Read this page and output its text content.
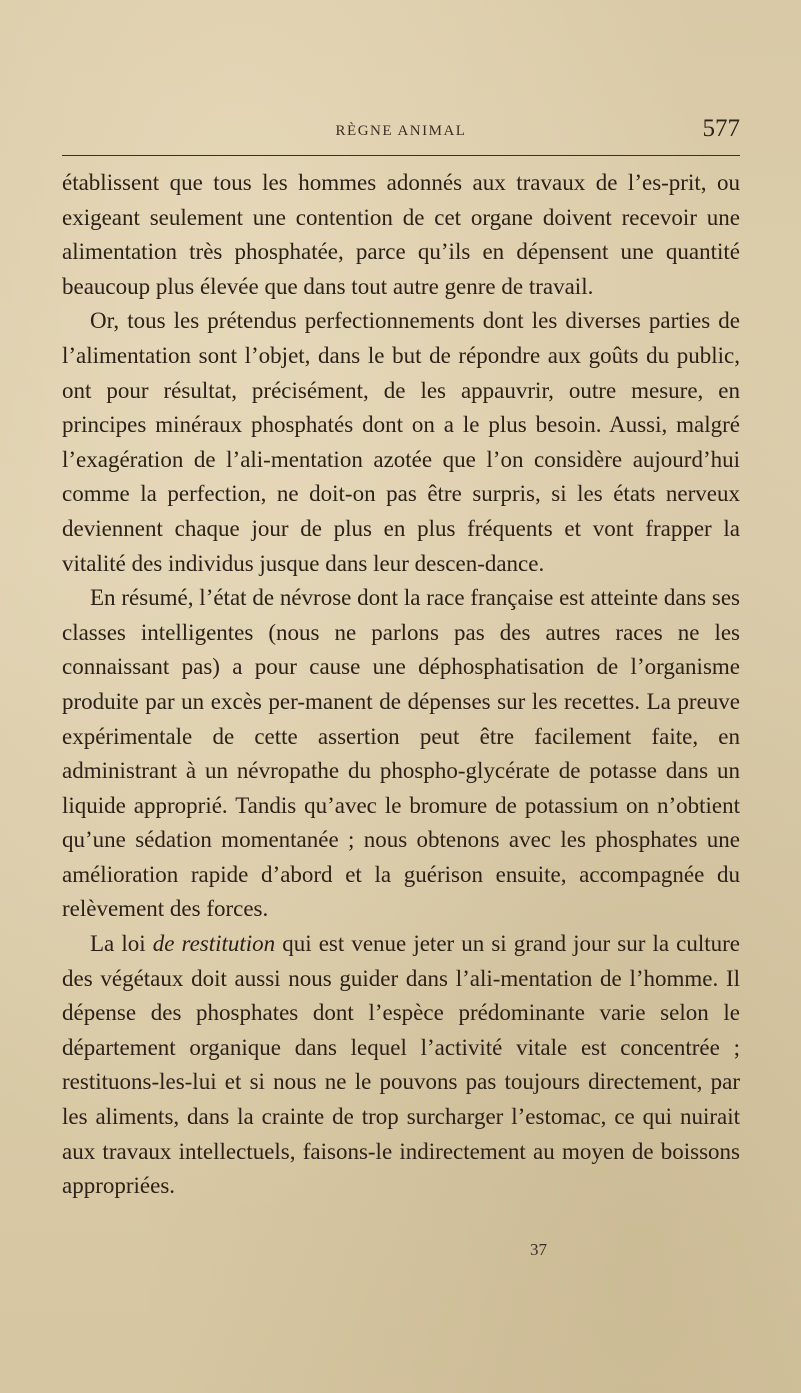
RÈGNE ANIMAL	577

établissent que tous les hommes adonnés aux travaux de l’es-prit, ou exigeant seulement une contention de cet organe doivent recevoir une alimentation très phosphatée, parce qu’ils en dépensent une quantité beaucoup plus élevée que dans tout autre genre de travail.

Or, tous les prétendus perfectionnements dont les diverses parties de l’alimentation sont l’objet, dans le but de répondre aux goûts du public, ont pour résultat, précisément, de les appauvrir, outre mesure, en principes minéraux phosphatés dont on a le plus besoin. Aussi, malgré l’exagération de l’ali-mentation azotée que l’on considère aujourd’hui comme la perfection, ne doit-on pas être surpris, si les états nerveux deviennent chaque jour de plus en plus fréquents et vont frapper la vitalité des individus jusque dans leur descen-dance.

En résumé, l’état de névrose dont la race française est atteinte dans ses classes intelligentes (nous ne parlons pas des autres races ne les connaissant pas) a pour cause une déphosphatisation de l’organisme produite par un excès per-manent de dépenses sur les recettes. La preuve expérimentale de cette assertion peut être facilement faite, en administrant à un névropathe du phospho-glycérate de potasse dans un liquide approprié. Tandis qu’avec le bromure de potassium on n’obtient qu’une sédation momentanée ; nous obtenons avec les phosphates une amélioration rapide d’abord et la guérison ensuite, accompagnée du relèvement des forces.

La loi de restitution qui est venue jeter un si grand jour sur la culture des végétaux doit aussi nous guider dans l’ali-mentation de l’homme. Il dépense des phosphates dont l’espèce prédominante varie selon le département organique dans lequel l’activité vitale est concentrée ; restituons-les-lui et si nous ne le pouvons pas toujours directement, par les aliments, dans la crainte de trop surcharger l’estomac, ce qui nuirait aux travaux intellectuels, faisons-le indirectement au moyen de boissons appropriées.

37
